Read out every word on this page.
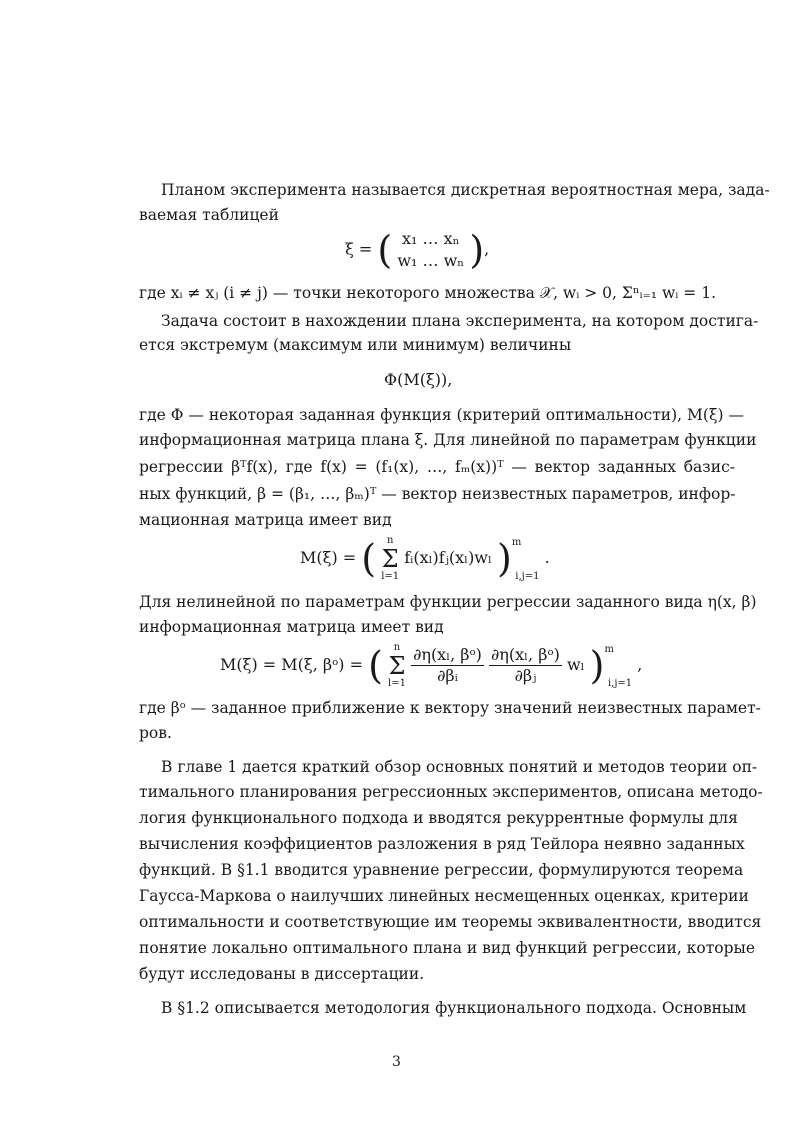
Планом эксперимента называется дискретная вероятностная мера, зада-
ваемая таблицей
ξ = ( x₁ … xₙ
w₁ … wₙ ),
где xᵢ ≠ xⱼ (i ≠ j) — точки некоторого множества 𝒳, wᵢ > 0, Σⁿᵢ₌₁ wᵢ = 1.
Задача состоит в нахождении плана эксперимента, на котором достига-
ется экстремум (максимум или минимум) величины
Φ(M(ξ)),
где Φ — некоторая заданная функция (критерий оптимальности), M(ξ) —
информационная матрица плана ξ. Для линейной по параметрам функции
регрессии βᵀf(x), где f(x) = (f₁(x), …, fₘ(x))ᵀ — вектор заданных базис-
ных функций, β = (β₁, …, βₘ)ᵀ — вектор неизвестных параметров, инфор-
мационная матрица имеет вид
M(ξ) = (	n
Σ
l=1
fᵢ(xₗ)fⱼ(xₗ)wₗ )$^m_{i,j=1}$ .
Для нелинейной по параметрам функции регрессии заданного вида η(x, β)
информационная матрица имеет вид
M(ξ) = M(ξ, βᵒ) = (	n
Σ
l=1
$\frac{\text{∂η(xₗ, βᵒ)}}{\text{∂βᵢ}}$
$\frac{\text{∂η(xₗ, βᵒ)}}{\text{∂βⱼ}}$ wₗ )$^m_{i,j=1}$ ,
где βᵒ — заданное приближение к вектору значений неизвестных парамет-
ров.
В главе 1 дается краткий обзор основных понятий и методов теории оп-
тимального планирования регрессионных экспериментов, описана методо-
логия функционального подхода и вводятся рекуррентные формулы для
вычисления коэффициентов разложения в ряд Тейлора неявно заданных
функций. В §1.1 вводится уравнение регрессии, формулируются теорема
Гаусса-Маркова о наилучших линейных несмещенных оценках, критерии
оптимальности и соответствующие им теоремы эквивалентности, вводится
понятие локально оптимального плана и вид функций регрессии, которые
будут исследованы в диссертации.
В §1.2 описывается методология функционального подхода. Основным
3
